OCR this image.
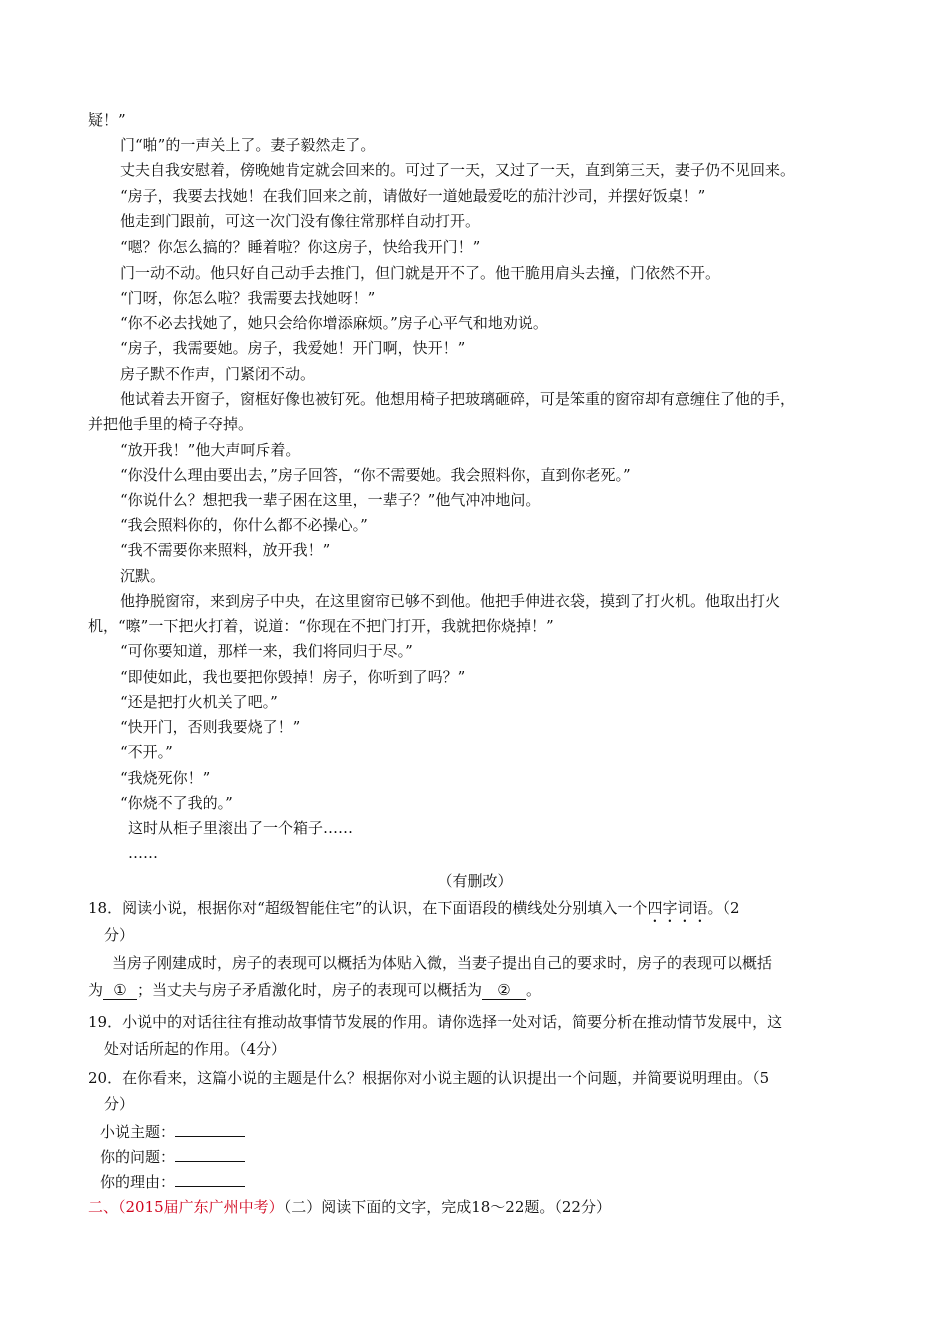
疑！”
门“啪”的一声关上了。妻子毅然走了。
丈夫自我安慰着，傍晚她肯定就会回来的。可过了一天，又过了一天，直到第三天，妻子仍不见回来。
“房子，我要去找她！在我们回来之前，请做好一道她最爱吃的茄汁沙司，并摆好饭桌！”
他走到门跟前，可这一次门没有像往常那样自动打开。
“嗯？你怎么搞的？睡着啦？你这房子，快给我开门！”
门一动不动。他只好自己动手去推门，但门就是开不了。他干脆用肩头去撞，门依然不开。
“门呀，你怎么啦？我需要去找她呀！”
“你不必去找她了，她只会给你增添麻烦。”房子心平气和地劝说。
“房子，我需要她。房子，我爱她！开门啊，快开！”
房子默不作声，门紧闭不动。
他试着去开窗子，窗框好像也被钉死。他想用椅子把玻璃砸碎，可是笨重的窗帘却有意缠住了他的手，
并把他手里的椅子夺掉。
“放开我！”他大声呵斥着。
“你没什么理由要出去，”房子回答，“你不需要她。我会照料你，直到你老死。”
“你说什么？想把我一辈子困在这里，一辈子？”他气冲冲地问。
“我会照料你的，你什么都不必操心。”
“我不需要你来照料，放开我！”
沉默。
他挣脱窗帘，来到房子中央，在这里窗帘已够不到他。他把手伸进衣袋，摸到了打火机。他取出打火
机，“嚓”一下把火打着，说道：“你现在不把门打开，我就把你烧掉！”
“可你要知道，那样一来，我们将同归于尽。”
“即使如此，我也要把你毁掉！房子，你听到了吗？”
“还是把打火机关了吧。”
“快开门，否则我要烧了！”
“不开。”
“我烧死你！”
“你烧不了我的。”
这时从柜子里滚出了一个箱子……
……
（有删改）
18．阅读小说，根据你对“超级智能住宅”的认识，在下面语段的横线处分别填入一个四字词语。（2
分）
当房子刚建成时，房子的表现可以概括为体贴入微，当妻子提出自己的要求时，房子的表现可以概括
为 ① ；当丈夫与房子矛盾激化时，房子的表现可以概括为 ② 。
19．小说中的对话往往有推动故事情节发展的作用。请你选择一处对话，简要分析在推动情节发展中，这
处对话所起的作用。（4分）
20．在你看来，这篇小说的主题是什么？根据你对小说主题的认识提出一个问题，并简要说明理由。（5
分）
小说主题：
你的问题：
你的理由：
二、（2015届广东广州中考）（二）阅读下面的文字，完成18～22题。（22分）
